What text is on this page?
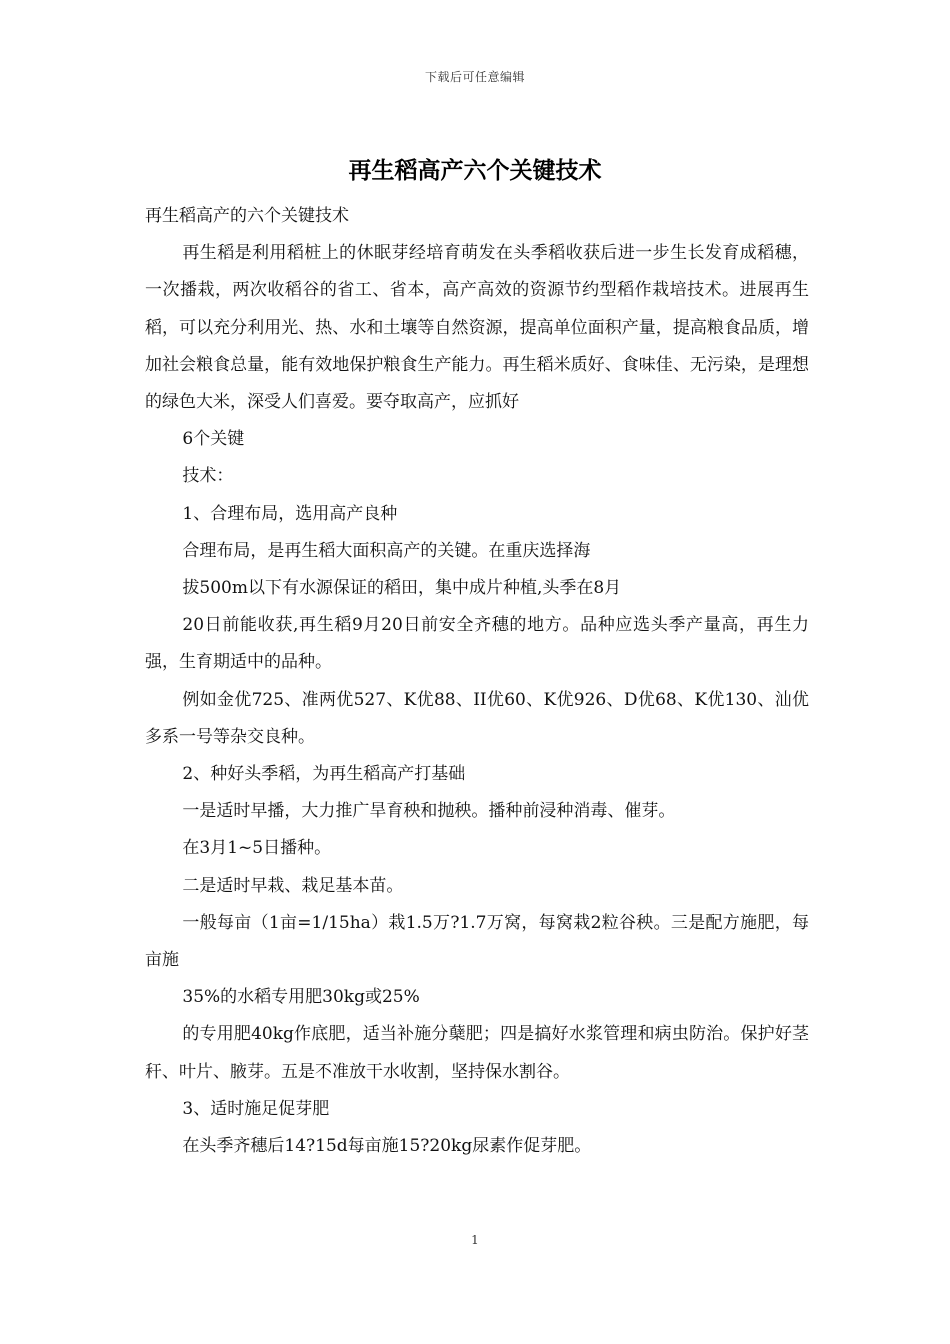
下载后可任意编辑
再生稻高产六个关键技术

再生稻高产的六个关键技术

再生稻是利用稻桩上的休眠芽经培育萌发在头季稻收获后进一步生长发育成稻穗，一次播栽，两次收稻谷的省工、省本，高产高效的资源节约型稻作栽培技术。进展再生稻，可以充分利用光、热、水和土壤等自然资源，提高单位面积产量，提高粮食品质，增加社会粮食总量，能有效地保护粮食生产能力。再生稻米质好、食味佳、无污染，是理想的绿色大米，深受人们喜爱。要夺取高产，应抓好

6个关键

技术：

1、合理布局，选用高产良种

合理布局，是再生稻大面积高产的关键。在重庆选择海

拔500m以下有水源保证的稻田，集中成片种植,头季在8月

20日前能收获,再生稻9月20日前安全齐穗的地方。品种应选头季产量高，再生力强，生育期适中的品种。

例如金优725、准两优527、K优88、II优60、K优926、D优68、K优130、汕优多系一号等杂交良种。

2、种好头季稻，为再生稻高产打基础

一是适时早播，大力推广旱育秧和抛秧。播种前浸种消毒、催芽。

在3月1~5日播种。

二是适时早栽、栽足基本苗。

一般每亩（1亩=1/15ha）栽1.5万?1.7万窝，每窝栽2粒谷秧。三是配方施肥，每亩施

35%的水稻专用肥30kg或25%

的专用肥40kg作底肥，适当补施分蘖肥；四是搞好水浆管理和病虫防治。保护好茎秆、叶片、腋芽。五是不准放干水收割，坚持保水割谷。

3、适时施足促芽肥

在头季齐穗后14?15d每亩施15?20kg尿素作促芽肥。

1
